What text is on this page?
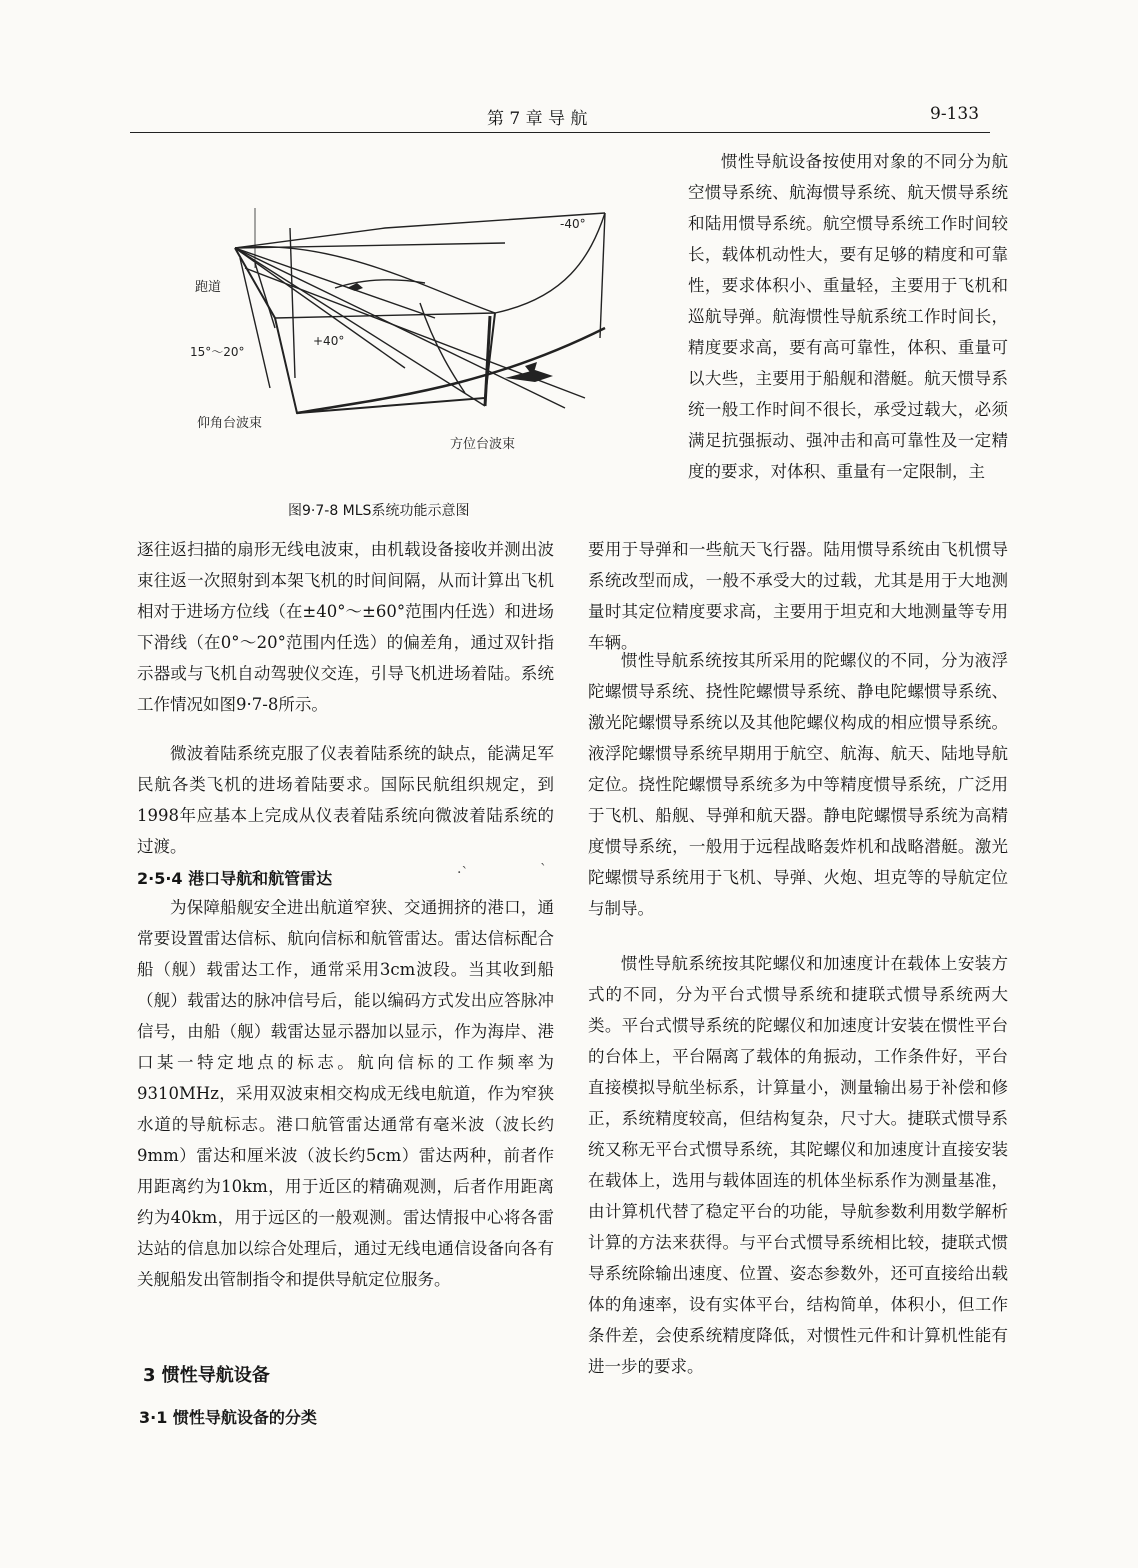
第 7 章 导 航	9-133
跑道
-40°
+40°
15°～20°
仰角台波束
方位台波束
图9·7-8 MLS系统功能示意图

惯性导航设备按使用对象的不同分为航空惯导系统、航海惯导系统、航天惯导系统和陆用惯导系统。航空惯导系统工作时间较长，载体机动性大，要有足够的精度和可靠性，要求体积小、重量轻，主要用于飞机和巡航导弹。航海惯性导航系统工作时间长，精度要求高，要有高可靠性，体积、重量可以大些，主要用于船舰和潜艇。航天惯导系统一般工作时间不很长，承受过载大，必须满足抗强振动、强冲击和高可靠性及一定精度的要求，对体积、重量有一定限制，主

逐往返扫描的扇形无线电波束，由机载设备接收并测出波束往返一次照射到本架飞机的时间间隔，从而计算出飞机相对于进场方位线（在±40°～±60°范围内任选）和进场下滑线（在0°～20°范围内任选）的偏差角，通过双针指示器或与飞机自动驾驶仪交连，引导飞机进场着陆。系统工作情况如图9·7-8所示。

微波着陆系统克服了仪表着陆系统的缺点，能满足军民航各类飞机的进场着陆要求。国际民航组织规定，到1998年应基本上完成从仪表着陆系统向微波着陆系统的过渡。

2·5·4 港口导航和航管雷达

为保障船舰安全进出航道窄狭、交通拥挤的港口，通常要设置雷达信标、航向信标和航管雷达。雷达信标配合船（舰）载雷达工作，通常采用3cm波段。当其收到船（舰）载雷达的脉冲信号后，能以编码方式发出应答脉冲信号，由船（舰）载雷达显示器加以显示，作为海岸、港口某一特定地点的标志。航向信标的工作频率为9310MHz，采用双波束相交构成无线电航道，作为窄狭水道的导航标志。港口航管雷达通常有毫米波（波长约9mm）雷达和厘米波（波长约5cm）雷达两种，前者作用距离约为10km，用于近区的精确观测，后者作用距离约为40km，用于远区的一般观测。雷达情报中心将各雷达站的信息加以综合处理后，通过无线电通信设备向各有关舰船发出管制指令和提供导航定位服务。

3 惯性导航设备
3·1 惯性导航设备的分类

要用于导弹和一些航天飞行器。陆用惯导系统由飞机惯导系统改型而成，一般不承受大的过载，尤其是用于大地测量时其定位精度要求高，主要用于坦克和大地测量等专用车辆。

惯性导航系统按其所采用的陀螺仪的不同，分为液浮陀螺惯导系统、挠性陀螺惯导系统、静电陀螺惯导系统、激光陀螺惯导系统以及其他陀螺仪构成的相应惯导系统。液浮陀螺惯导系统早期用于航空、航海、航天、陆地导航定位。挠性陀螺惯导系统多为中等精度惯导系统，广泛用于飞机、船舰、导弹和航天器。静电陀螺惯导系统为高精度惯导系统，一般用于远程战略轰炸机和战略潜艇。激光陀螺惯导系统用于飞机、导弹、火炮、坦克等的导航定位与制导。

惯性导航系统按其陀螺仪和加速度计在载体上安装方式的不同，分为平台式惯导系统和捷联式惯导系统两大类。平台式惯导系统的陀螺仪和加速度计安装在惯性平台的台体上，平台隔离了载体的角振动，工作条件好，平台直接模拟导航坐标系，计算量小，测量输出易于补偿和修正，系统精度较高，但结构复杂，尺寸大。捷联式惯导系统又称无平台式惯导系统，其陀螺仪和加速度计直接安装在载体上，选用与载体固连的机体坐标系作为测量基准，由计算机代替了稳定平台的功能，导航参数利用数学解析计算的方法来获得。与平台式惯导系统相比较，捷联式惯导系统除输出速度、位置、姿态参数外，还可直接给出载体的角速率，设有实体平台，结构简单，体积小，但工作条件差，会使系统精度降低，对惯性元件和计算机性能有进一步的要求。

·ˋ	ˋ
